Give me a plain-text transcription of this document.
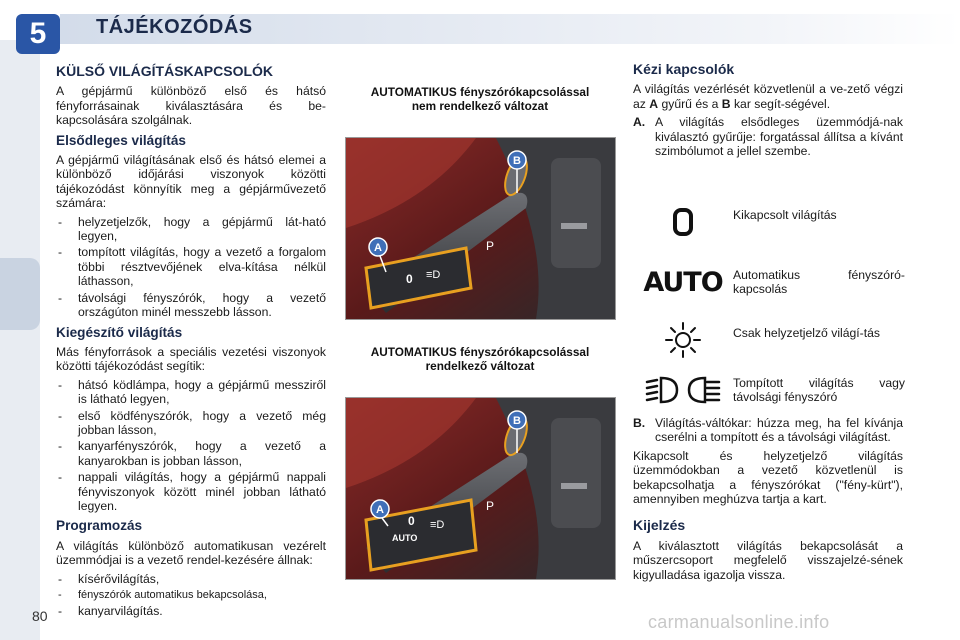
5	TÁJÉKOZÓDÁS
KÜLSŐ VILÁGÍTÁSKAPCSOLÓK

A gépjármű különböző első és hátsó fényforrásainak kiválasztására és be-kapcsolására szolgálnak.

Elsődleges világítás

A gépjármű világításának első és hátsó elemei a különböző időjárási viszonyok közötti tájékozódást könnyítik meg a gépjárművezető számára:

- helyzetjelzők, hogy a gépjármű lát-ható legyen,
- tompított világítás, hogy a vezető a forgalom többi résztvevőjének elva-kítása nélkül láthasson,
- távolsági fényszórók, hogy a vezető országúton minél messzebb lásson.
Kiegészítő világítás

Más fényforrások a speciális vezetési viszonyok közötti tájékozódást segítik:

- hátsó ködlámpa, hogy a gépjármű messziről is látható legyen,
- első ködfényszórók, hogy a vezető még jobban lásson,
- kanyarfényszórók, hogy a vezető a kanyarokban is jobban lásson,
- nappali világítás, hogy a gépjármű nappali fényviszonyok között minél jobban látható legyen.
Programozás

A világítás különböző automatikusan vezérelt üzemmódjai is a vezető rendel-kezésére állnak:

- kísérővilágítás,
- fényszórók automatikus bekapcsolása,
- kanyarvilágítás.
AUTOMATIKUS fényszórókapcsolással nem rendelkező változat
0 ≡D
P
A
B
AUTOMATIKUS fényszórókapcsolással rendelkező változat
0
AUTO
≡D
P
A
B
Kézi kapcsolók

A világítás vezérlését közvetlenül a ve-zető végzi az A gyűrű és a B kar segít-ségével.

A. A világítás elsődleges üzemmódjá-nak kiválasztó gyűrűje: forgatással állítsa a kívánt szimbólumot a jellel szembe.
Kikapcsolt világítás
AUTO Automatikus fényszóró-kapcsolás
Csak helyzetjelző világí-tás
Tompított világítás vagy távolsági fényszóró
B. Világítás-váltókar: húzza meg, ha fel kívánja cserélni a tompított és a távolsági világítást.

Kikapcsolt és helyzetjelző világítás üzemmódokban a vezető közvetlenül is bekapcsolhatja a fényszórókat ("fény-kürt"), amennyiben meghúzva tartja a kart.

Kijelzés

A kiválasztott világítás bekapcsolását a műszercsoport megfelelő visszajelzé-sének kigyulladása igazolja vissza.

80	carmanualsonline.info
